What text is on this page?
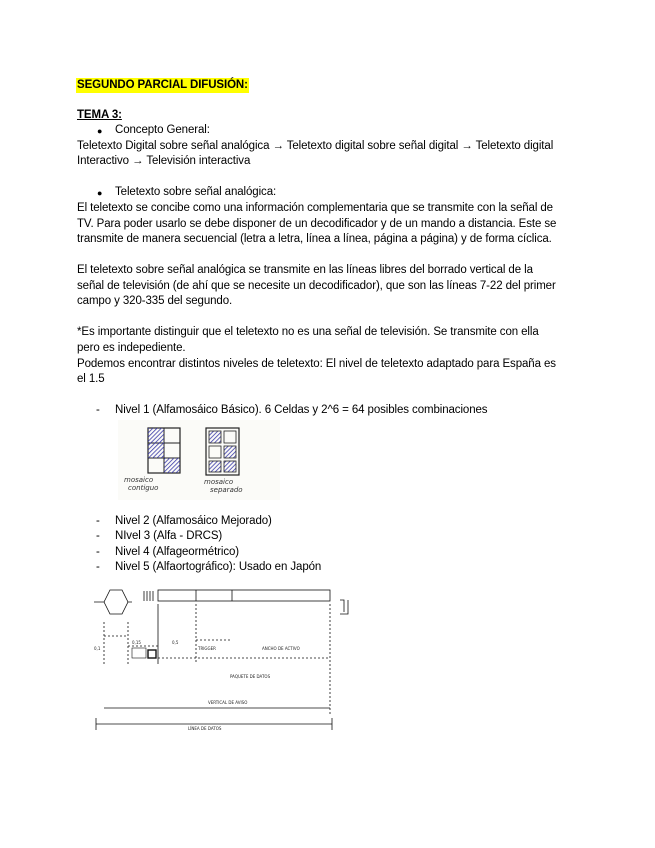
SEGUNDO PARCIAL DIFUSIÓN:
TEMA 3:
● Concepto General:
Teletexto Digital sobre señal analógica → Teletexto digital sobre señal digital → Teletexto digital
Interactivo → Televisión interactiva
● Teletexto sobre señal analógica:
El teletexto se concibe como una información complementaria que se transmite con la señal de
TV. Para poder usarlo se debe disponer de un decodificador y de un mando a distancia. Este se
transmite de manera secuencial (letra a letra, línea a línea, página a página) y de forma cíclica.
El teletexto sobre señal analógica se transmite en las líneas libres del borrado vertical de la
señal de televisión (de ahí que se necesite un decodificador), que son las líneas 7-22 del primer
campo y 320-335 del segundo.
*Es importante distinguir que el teletexto no es una señal de televisión. Se transmite con ella
pero es indepediente.
Podemos encontrar distintos niveles de teletexto: El nivel de teletexto adaptado para España es
el 1.5
- Nivel 1 (Alfamosáico Básico). 6 Celdas y 2^6 = 64 posibles combinaciones
mosaico
contiguo
mosaico
separado
- Nivel 2 (Alfamosáico Mejorado)
- NIvel 3 (Alfa - DRCS)
- Nivel 4 (Alfageormétrico)
- Nivel 5 (Alfaortográfico): Usado en Japón
0,1
0,15	0,5
TRIGGER	ANCHO DE ACTIVO
PAQUETE DE DATOS
VERTICAL DE AVISO
LÍNEA DE DATOS
